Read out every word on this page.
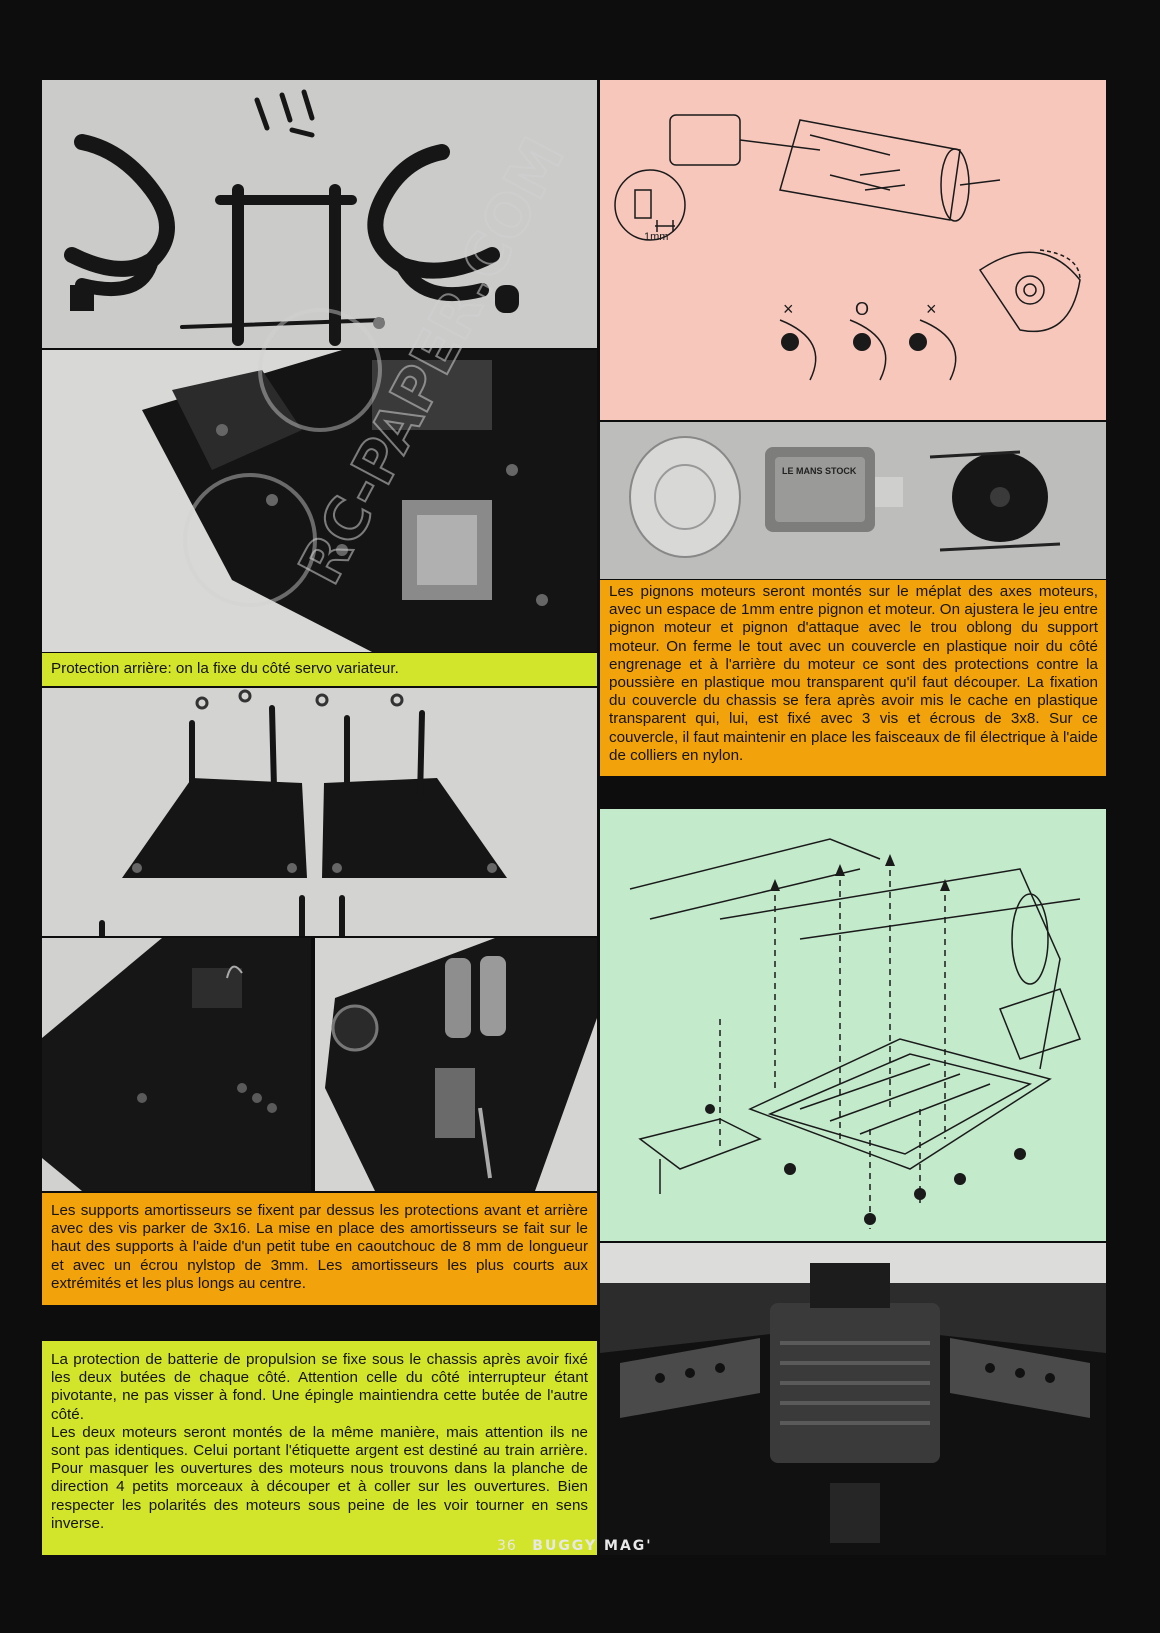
Protection arrière: on la fixe du côté servo variateur.

Les supports amortisseurs se fixent par dessus les protections avant et arrière avec des vis parker de 3x16. La mise en place des amortisseurs se fait sur le haut des supports à l'aide d'un petit tube en caoutchouc de 8 mm de longueur et avec un écrou nylstop de 3mm. Les amortisseurs les plus courts aux extrémités et les plus longs au centre.

La protection de batterie de propulsion se fixe sous le chassis après avoir fixé les deux butées de chaque côté. Attention celle du côté interrupteur étant pivotante, ne pas visser à fond. Une épingle maintiendra cette butée de l'autre côté.

Les deux moteurs seront montés de la même manière, mais attention ils ne sont pas identiques. Celui portant l'étiquette argent est destiné au train arrière. Pour masquer les ouvertures des moteurs nous trouvons dans la planche de direction 4 petits morceaux à découper et à coller sur les ouvertures. Bien respecter les polarités des moteurs sous peine de les voir tourner en sens inverse.

1mm
×	O	×
LE MANS STOCK

Les pignons moteurs seront montés sur le méplat des axes moteurs, avec un espace de 1mm entre pignon et moteur. On ajustera le jeu entre pignon moteur et pignon d'attaque avec le trou oblong du support moteur. On ferme le tout avec un couvercle en plastique noir du côté engrenage et à l'arrière du moteur ce sont des protections contre la poussière en plastique mou transparent qu'il faut découper. La fixation du couvercle du chassis se fera après avoir mis le cache en plastique transparent qui, lui, est fixé avec 3 vis et écrous de 3x8. Sur ce couvercle, il faut maintenir en place les faisceaux de fil électrique à l'aide de colliers en nylon.

36 BUGGY MAG'
